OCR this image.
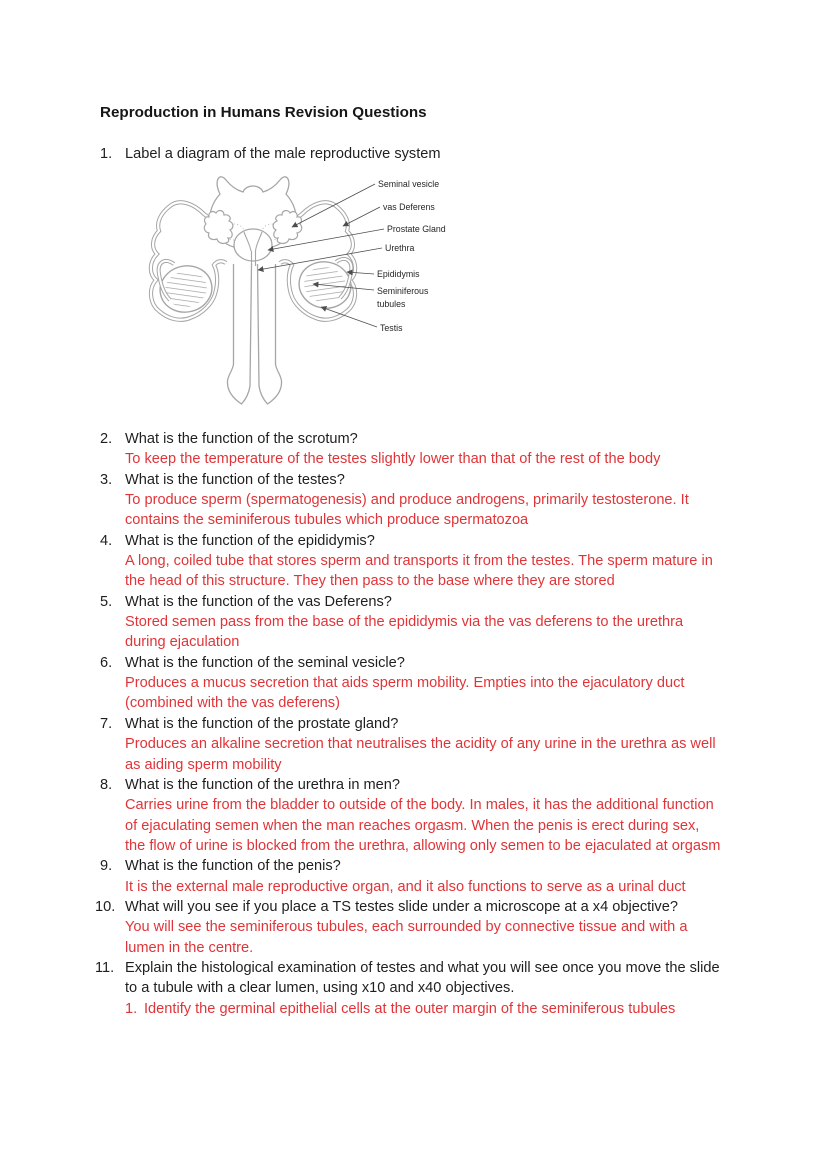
Reproduction in Humans Revision Questions
1. Label a diagram of the male reproductive system
Seminal vesicle
vas Deferens
Prostate Gland
Urethra
Epididymis
Seminiferous
tubules
Testis
2. What is the function of the scrotum?
To keep the temperature of the testes slightly lower than that of the rest of the body
3. What is the function of the testes?
To produce sperm (spermatogenesis) and produce androgens, primarily testosterone. It contains the seminiferous tubules which produce spermatozoa
4. What is the function of the epididymis?
A long, coiled tube that stores sperm and transports it from the testes. The sperm mature in the head of this structure. They then pass to the base where they are stored
5. What is the function of the vas Deferens?
Stored semen pass from the base of the epididymis via the vas deferens to the urethra during ejaculation
6. What is the function of the seminal vesicle?
Produces a mucus secretion that aids sperm mobility. Empties into the ejaculatory duct (combined with the vas deferens)
7. What is the function of the prostate gland?
Produces an alkaline secretion that neutralises the acidity of any urine in the urethra as well as aiding sperm mobility
8. What is the function of the urethra in men?
Carries urine from the bladder to outside of the body. In males, it has the additional function of ejaculating semen when the man reaches orgasm. When the penis is erect during sex, the flow of urine is blocked from the urethra, allowing only semen to be ejaculated at orgasm
9. What is the function of the penis?
It is the external male reproductive organ, and it also functions to serve as a urinal duct
10. What will you see if you place a TS testes slide under a microscope at a x4 objective?
You will see the seminiferous tubules, each surrounded by connective tissue and with a lumen in the centre.
11. Explain the histological examination of testes and what you will see once you move the slide to a tubule with a clear lumen, using x10 and x40 objectives.
1. Identify the germinal epithelial cells at the outer margin of the seminiferous tubules
